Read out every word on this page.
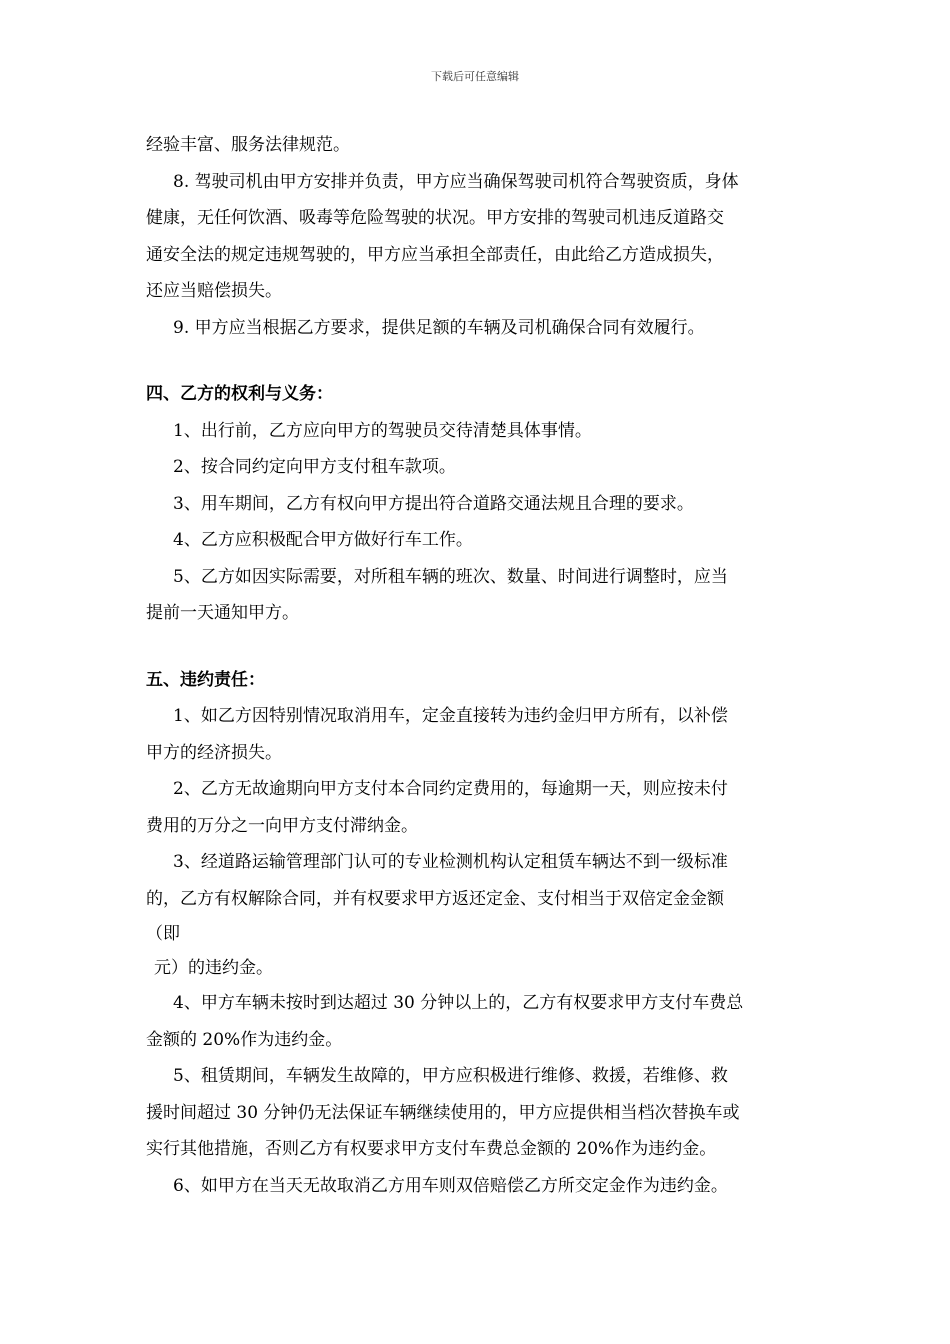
下载后可任意编辑

经验丰富、服务法律规范。

8. 驾驶司机由甲方安排并负责，甲方应当确保驾驶司机符合驾驶资质，身体

健康，无任何饮酒、吸毒等危险驾驶的状况。甲方安排的驾驶司机违反道路交

通安全法的规定违规驾驶的，甲方应当承担全部责任，由此给乙方造成损失，

还应当赔偿损失。

9. 甲方应当根据乙方要求，提供足额的车辆及司机确保合同有效履行。

四、乙方的权利与义务：

1、出行前，乙方应向甲方的驾驶员交待清楚具体事情。

2、按合同约定向甲方支付租车款项。

3、用车期间，乙方有权向甲方提出符合道路交通法规且合理的要求。

4、乙方应积极配合甲方做好行车工作。

5、乙方如因实际需要，对所租车辆的班次、数量、时间进行调整时，应当

提前一天通知甲方。

五、违约责任：

1、如乙方因特别情况取消用车，定金直接转为违约金归甲方所有，以补偿

甲方的经济损失。

2、乙方无故逾期向甲方支付本合同约定费用的，每逾期一天，则应按未付

费用的万分之一向甲方支付滞纳金。

3、经道路运输管理部门认可的专业检测机构认定租赁车辆达不到一级标准

的，乙方有权解除合同，并有权要求甲方返还定金、支付相当于双倍定金金额

（即

元）的违约金。

4、甲方车辆未按时到达超过 30 分钟以上的，乙方有权要求甲方支付车费总

金额的 20%作为违约金。

5、租赁期间，车辆发生故障的，甲方应积极进行维修、救援，若维修、救

援时间超过 30 分钟仍无法保证车辆继续使用的，甲方应提供相当档次替换车或

实行其他措施，否则乙方有权要求甲方支付车费总金额的 20%作为违约金。

6、如甲方在当天无故取消乙方用车则双倍赔偿乙方所交定金作为违约金。
